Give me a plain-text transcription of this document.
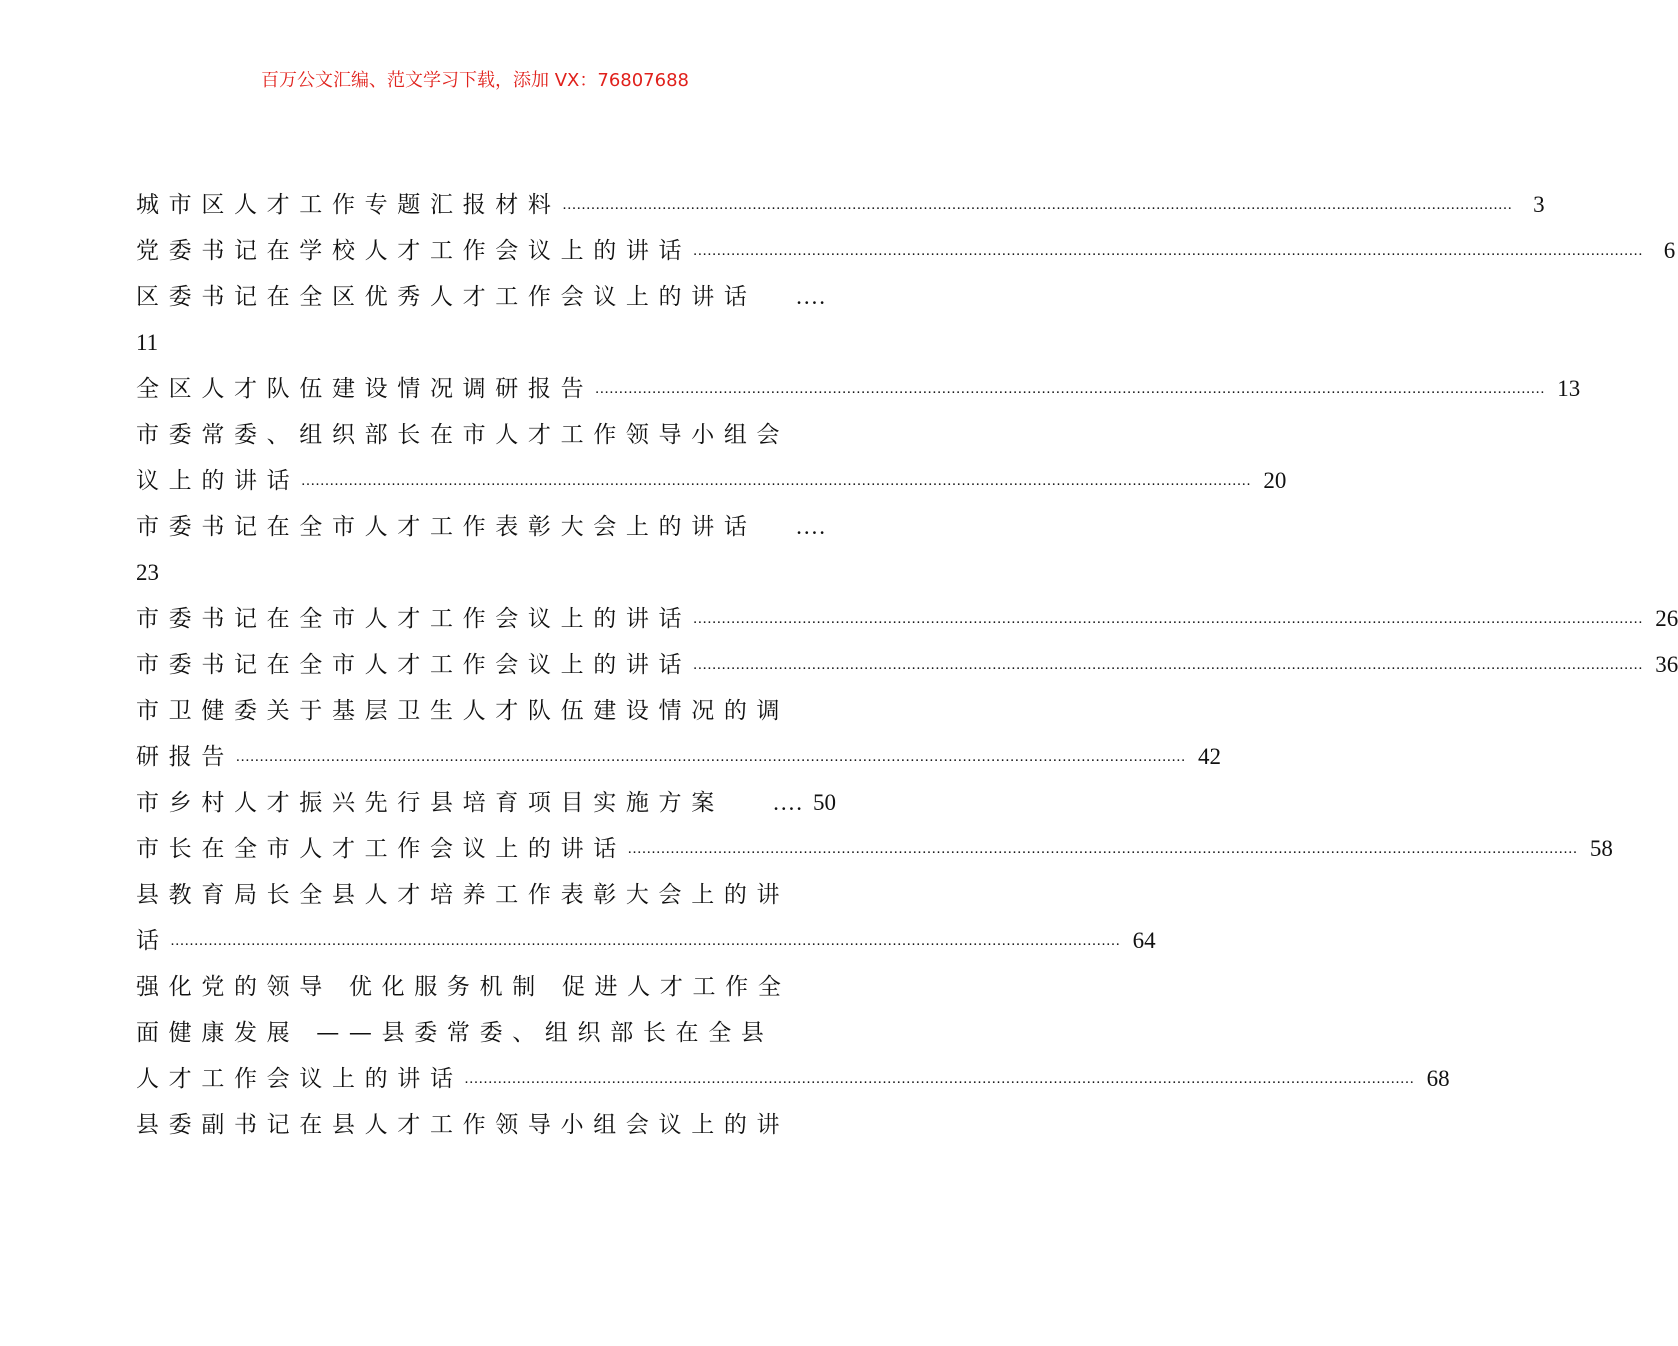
百万公文汇编、范文学习下载，添加 VX：76807688
城市区人才工作专题汇报材料 ........................................................................................................................................................................................................ 3
党委书记在学校人才工作会议上的讲话 ........................................................................................................................................................................................................ 6
区委书记在全区优秀人才工作会议上的讲话 ….
11
全区人才队伍建设情况调研报告 ........................................................................................................................................................................................................ 13
市委常委、组织部长在市人才工作领导小组会
议上的讲话 ........................................................................................................................................................................................................ 20
市委书记在全市人才工作表彰大会上的讲话 ….
23
市委书记在全市人才工作会议上的讲话 ........................................................................................................................................................................................................ 26
市委书记在全市人才工作会议上的讲话 ........................................................................................................................................................................................................ 36
市卫健委关于基层卫生人才队伍建设情况的调
研报告 ........................................................................................................................................................................................................ 42
市乡村人才振兴先行县培育项目实施方案 …. 50
市长在全市人才工作会议上的讲话 ........................................................................................................................................................................................................ 58
县教育局长全县人才培养工作表彰大会上的讲
话 ........................................................................................................................................................................................................ 64
强化党的领导 优化服务机制 促进人才工作全
面健康发展 ——县委常委、组织部长在全县
人才工作会议上的讲话 ........................................................................................................................................................................................................ 68
县委副书记在县人才工作领导小组会议上的讲
